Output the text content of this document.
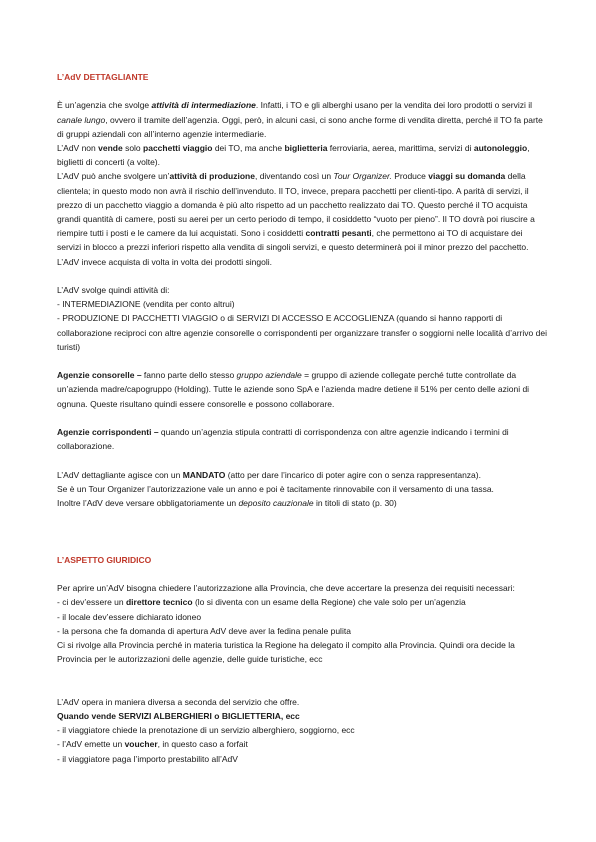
L’AdV DETTAGLIANTE

È un’agenzia che svolge attività di intermediazione. Infatti, i TO e gli alberghi usano per la vendita dei loro prodotti o servizi il canale lungo, ovvero il tramite dell’agenzia. Oggi, però, in alcuni casi, ci sono anche forme di vendita diretta, perché il TO fa parte di gruppi aziendali con all’interno agenzie intermediarie.

L’AdV non vende solo pacchetti viaggio dei TO, ma anche biglietteria ferroviaria, aerea, marittima, servizi di autonoleggio, biglietti di concerti (a volte).

L’AdV può anche svolgere un’attività di produzione, diventando così un Tour Organizer. Produce viaggi su domanda della clientela; in questo modo non avrà il rischio dell’invenduto. Il TO, invece, prepara pacchetti per clienti-tipo. A parità di servizi, il prezzo di un pacchetto viaggio a domanda è più alto rispetto ad un pacchetto realizzato dai TO. Questo perché il TO acquista grandi quantità di camere, posti su aerei per un certo periodo di tempo, il cosiddetto “vuoto per pieno”. Il TO dovrà poi riuscire a riempire tutti i posti e le camere da lui acquistati. Sono i cosiddetti contratti pesanti, che permettono ai TO di acquistare dei servizi in blocco a prezzi inferiori rispetto alla vendita di singoli servizi, e questo determinerà poi il minor prezzo del pacchetto. L’AdV invece acquista di volta in volta dei prodotti singoli.

L’AdV svolge quindi attività di:

- INTERMEDIAZIONE (vendita per conto altrui)

- PRODUZIONE DI PACCHETTI VIAGGIO o di SERVIZI DI ACCESSO E ACCOGLIENZA (quando si hanno rapporti di collaborazione reciproci con altre agenzie consorelle o corrispondenti per organizzare transfer o soggiorni nelle località d’arrivo dei turisti)

Agenzie consorelle – fanno parte dello stesso gruppo aziendale = gruppo di aziende collegate perché tutte controllate da un’azienda madre/capogruppo (Holding). Tutte le aziende sono SpA e l’azienda madre detiene il 51% per cento delle azioni di ognuna. Queste risultano quindi essere consorelle e possono collaborare.

Agenzie corrispondenti – quando un’agenzia stipula contratti di corrispondenza con altre agenzie indicando i termini di collaborazione.

L’AdV dettagliante agisce con un MANDATO (atto per dare l’incarico di poter agire con o senza rappresentanza).

Se è un Tour Organizer l’autorizzazione vale un anno e poi è tacitamente rinnovabile con il versamento di una tassa.

Inoltre l’AdV deve versare obbligatoriamente un deposito cauzionale in titoli di stato (p. 30)

L’ASPETTO GIURIDICO

Per aprire un’AdV bisogna chiedere l’autorizzazione alla Provincia, che deve accertare la presenza dei requisiti necessari:

- ci dev’essere un direttore tecnico (lo si diventa con un esame della Regione) che vale solo per un’agenzia

- il locale dev’essere dichiarato idoneo

- la persona che fa domanda di apertura AdV deve aver la fedina penale pulita

Ci si rivolge alla Provincia perché in materia turistica la Regione ha delegato il compito alla Provincia. Quindi ora decide la Provincia per le autorizzazioni delle agenzie, delle guide turistiche, ecc

L’AdV opera in maniera diversa a seconda del servizio che offre.

Quando vende SERVIZI ALBERGHIERI o BIGLIETTERIA, ecc

- il viaggiatore chiede la prenotazione di un servizio alberghiero, soggiorno, ecc

- l’AdV emette un voucher, in questo caso a forfait

- il viaggiatore paga l’importo prestabilito all’AdV
